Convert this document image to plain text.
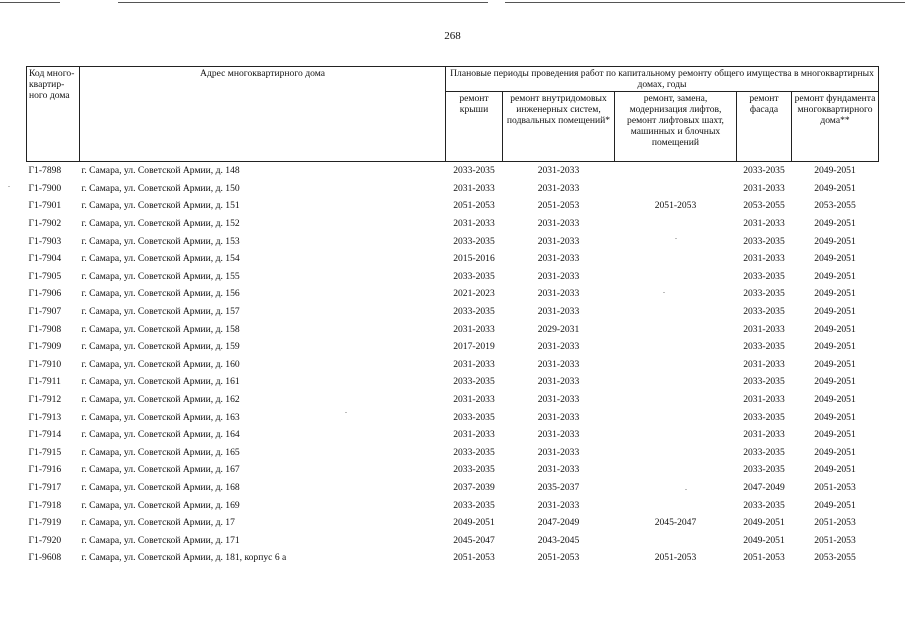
268
Код много-квартир-ного дома	Адрес многоквартирного дома	Плановые периоды проведения работ по капитальному ремонту общего имущества в многоквартирных домах, годы				
		ремонт крыши	ремонт внутридомовых инженерных систем, подвальных помещений*	ремонт, замена, модернизация лифтов, ремонт лифтовых шахт, машинных и блочных помещений	ремонт фасада	ремонт фундамента многоквартирного дома**
Г1-7898	г. Самара, ул. Советской Армии, д. 148	2033-2035	2031-2033		2033-2035	2049-2051
Г1-7900	г. Самара, ул. Советской Армии, д. 150	2031-2033	2031-2033		2031-2033	2049-2051
Г1-7901	г. Самара, ул. Советской Армии, д. 151	2051-2053	2051-2053	2051-2053	2053-2055	2053-2055
Г1-7902	г. Самара, ул. Советской Армии, д. 152	2031-2033	2031-2033		2031-2033	2049-2051
Г1-7903	г. Самара, ул. Советской Армии, д. 153	2033-2035	2031-2033		2033-2035	2049-2051
Г1-7904	г. Самара, ул. Советской Армии, д. 154	2015-2016	2031-2033		2031-2033	2049-2051
Г1-7905	г. Самара, ул. Советской Армии, д. 155	2033-2035	2031-2033		2033-2035	2049-2051
Г1-7906	г. Самара, ул. Советской Армии, д. 156	2021-2023	2031-2033		2033-2035	2049-2051
Г1-7907	г. Самара, ул. Советской Армии, д. 157	2033-2035	2031-2033		2033-2035	2049-2051
Г1-7908	г. Самара, ул. Советской Армии, д. 158	2031-2033	2029-2031		2031-2033	2049-2051
Г1-7909	г. Самара, ул. Советской Армии, д. 159	2017-2019	2031-2033		2033-2035	2049-2051
Г1-7910	г. Самара, ул. Советской Армии, д. 160	2031-2033	2031-2033		2031-2033	2049-2051
Г1-7911	г. Самара, ул. Советской Армии, д. 161	2033-2035	2031-2033		2033-2035	2049-2051
Г1-7912	г. Самара, ул. Советской Армии, д. 162	2031-2033	2031-2033		2031-2033	2049-2051
Г1-7913	г. Самара, ул. Советской Армии, д. 163	2033-2035	2031-2033		2033-2035	2049-2051
Г1-7914	г. Самара, ул. Советской Армии, д. 164	2031-2033	2031-2033		2031-2033	2049-2051
Г1-7915	г. Самара, ул. Советской Армии, д. 165	2033-2035	2031-2033		2033-2035	2049-2051
Г1-7916	г. Самара, ул. Советской Армии, д. 167	2033-2035	2031-2033		2033-2035	2049-2051
Г1-7917	г. Самара, ул. Советской Армии, д. 168	2037-2039	2035-2037		2047-2049	2051-2053
Г1-7918	г. Самара, ул. Советской Армии, д. 169	2033-2035	2031-2033		2033-2035	2049-2051
Г1-7919	г. Самара, ул. Советской Армии, д. 17	2049-2051	2047-2049	2045-2047	2049-2051	2051-2053
Г1-7920	г. Самара, ул. Советской Армии, д. 171	2045-2047	2043-2045		2049-2051	2051-2053
Г1-9608	г. Самара, ул. Советской Армии, д. 181, корпус 6 а	2051-2053	2051-2053	2051-2053	2051-2053	2053-2055
